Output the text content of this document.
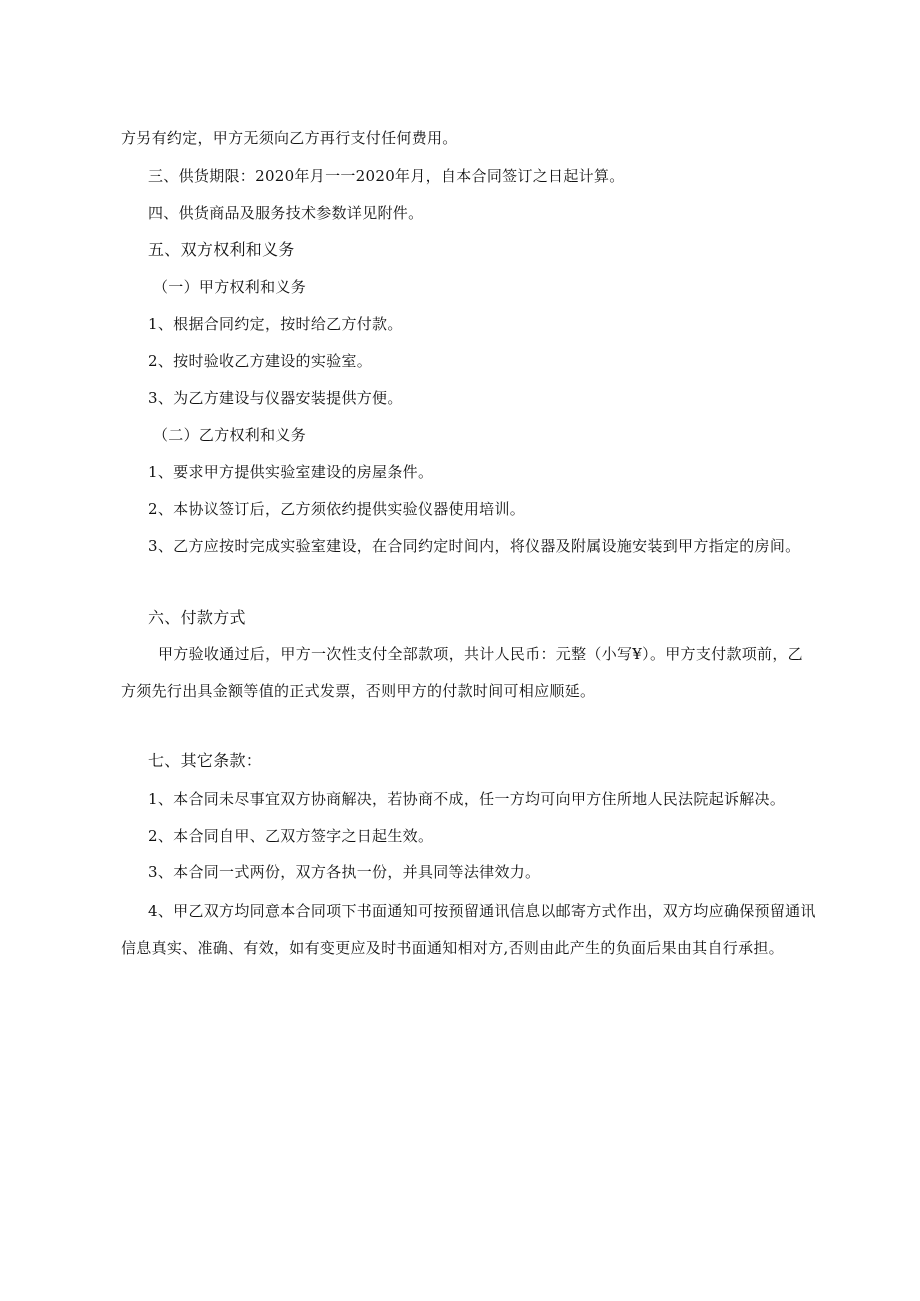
方另有约定，甲方无须向乙方再行支付任何费用。
三、供货期限：2020年月一一2020年月，自本合同签订之日起计算。
四、供货商品及服务技术参数详见附件。
五、双方权利和义务
（一）甲方权利和义务
1、根据合同约定，按时给乙方付款。
2、按时验收乙方建设的实验室。
3、为乙方建设与仪器安装提供方便。
（二）乙方权利和义务
1、要求甲方提供实验室建设的房屋条件。
2、本协议签订后，乙方须依约提供实验仪器使用培训。
3、乙方应按时完成实验室建设，在合同约定时间内，将仪器及附属设施安装到甲方指定的房间。
六、付款方式
甲方验收通过后，甲方一次性支付全部款项，共计人民币：元整（小写¥）。甲方支付款项前，乙
方须先行出具金额等值的正式发票，否则甲方的付款时间可相应顺延。
七、其它条款：
1、本合同未尽事宜双方协商解决，若协商不成，任一方均可向甲方住所地人民法院起诉解决。
2、本合同自甲、乙双方签字之日起生效。
3、本合同一式两份，双方各执一份，并具同等法律效力。
4、甲乙双方均同意本合同项下书面通知可按预留通讯信息以邮寄方式作出，双方均应确保预留通讯
信息真实、准确、有效，如有变更应及时书面通知相对方,否则由此产生的负面后果由其自行承担。
